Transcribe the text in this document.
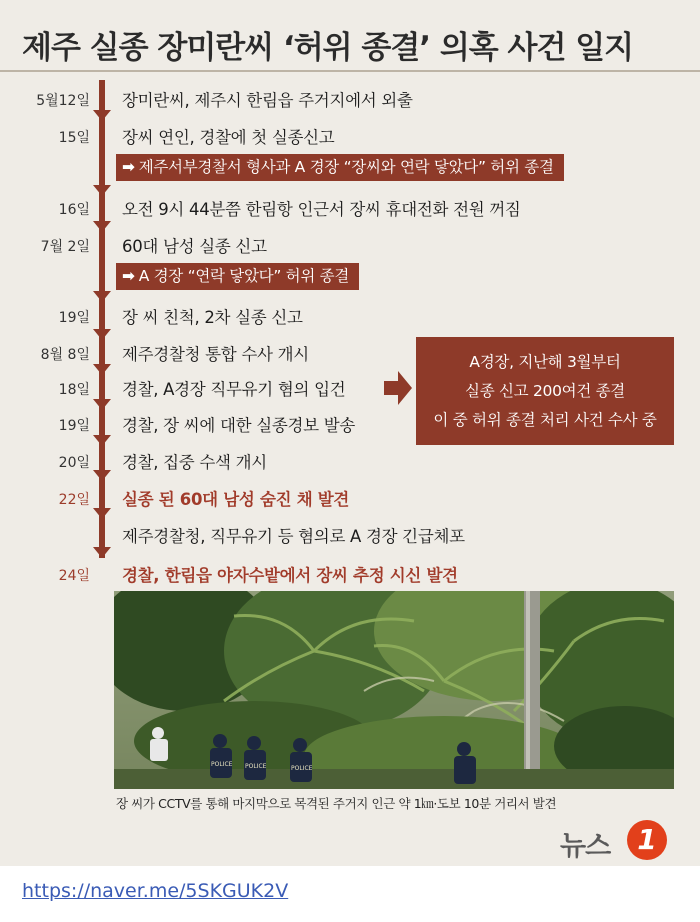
제주 실종 장미란씨 ‘허위 종결’ 의혹 사건 일지
5월12일
15일
16일
7월 2일
19일
8월 8일
18일
19일
20일
22일
24일
장미란씨, 제주시 한림읍 주거지에서 외출
장씨 연인, 경찰에 첫 실종신고
➡ 제주서부경찰서 형사과 A 경장 “장씨와 연락 닿았다” 허위 종결
오전 9시 44분쯤 한림항 인근서 장씨 휴대전화 전원 꺼짐
60대 남성 실종 신고
➡ A 경장 “연락 닿았다” 허위 종결
장 씨 친척, 2차 실종 신고
제주경찰청 통합 수사 개시
경찰, A경장 직무유기 혐의 입건
경찰, 장 씨에 대한 실종경보 발송
경찰, 집중 수색 개시
실종 된 60대 남성 숨진 채 발견
제주경찰청, 직무유기 등 혐의로 A 경장 긴급체포
경찰, 한림읍 야자수밭에서 장씨 추정 시신 발견
A경장, 지난해 3월부터
실종 신고 200여건 종결
이 중 허위 종결 처리 사건 수사 중
POLICE POLICE	POLICE
장 씨가 CCTV를 통해 마지막으로 목격된 주거지 인근 약 1㎞·도보 10분 거리서 발견
뉴스 1
https://naver.me/5SKGUK2V
